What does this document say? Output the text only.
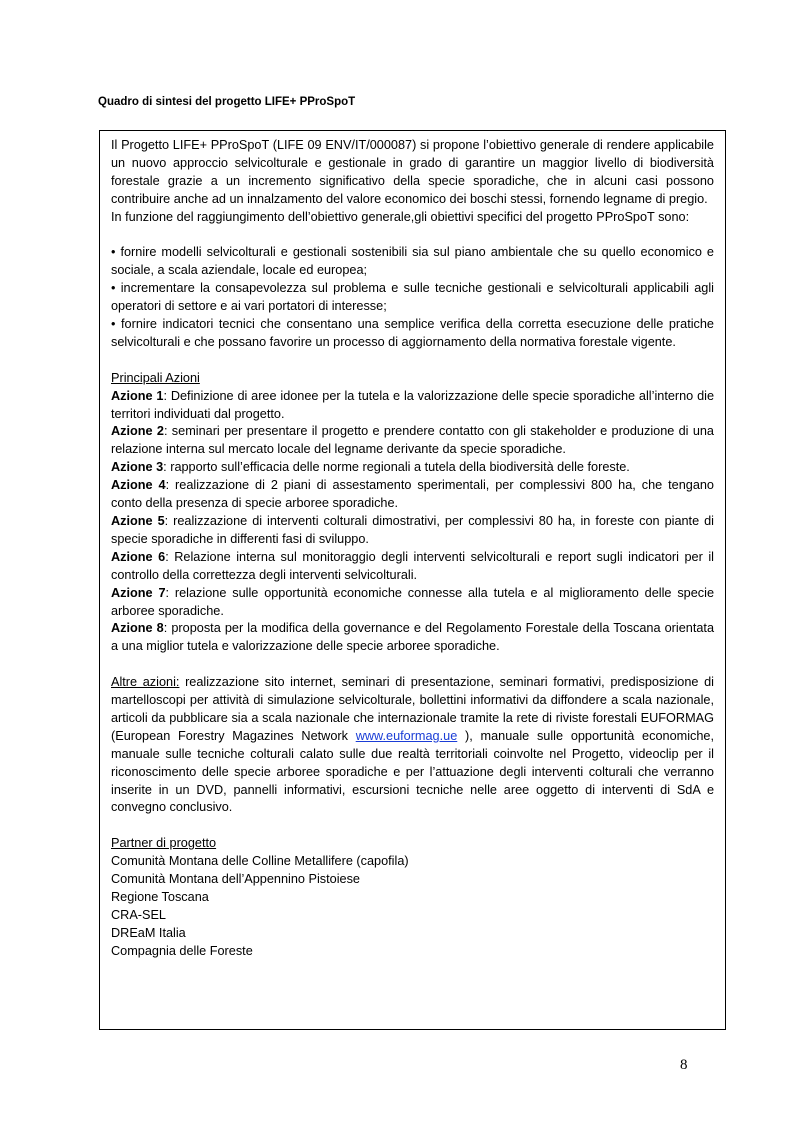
Quadro di sintesi del progetto LIFE+ PProSpoT

Il Progetto LIFE+ PProSpoT (LIFE 09 ENV/IT/000087) si propone l’obiettivo generale di rendere applicabile un nuovo approccio selvicolturale e gestionale in grado di garantire un maggior livello di biodiversità forestale grazie a un incremento significativo della specie sporadiche, che in alcuni casi possono contribuire anche ad un innalzamento del valore economico dei boschi stessi, fornendo legname di pregio.

In funzione del raggiungimento dell’obiettivo generale,gli obiettivi specifici del progetto PProSpoT sono:

• fornire modelli selvicolturali e gestionali sostenibili sia sul piano ambientale che su quello economico e sociale, a scala aziendale, locale ed europea;

• incrementare la consapevolezza sul problema e sulle tecniche gestionali e selvicolturali applicabili agli operatori di settore e ai vari portatori di interesse;

• fornire indicatori tecnici che consentano una semplice verifica della corretta esecuzione delle pratiche selvicolturali e che possano favorire un processo di aggiornamento della normativa forestale vigente.

Principali Azioni

Azione 1: Definizione di aree idonee per la tutela e la valorizzazione delle specie sporadiche all’interno die territori individuati dal progetto.

Azione 2: seminari per presentare il progetto e prendere contatto con gli stakeholder e produzione di una relazione interna sul mercato locale del legname derivante da specie sporadiche.

Azione 3: rapporto sull’efficacia delle norme regionali a tutela della biodiversità delle foreste.

Azione 4: realizzazione di 2 piani di assestamento sperimentali, per complessivi 800 ha, che tengano conto della presenza di specie arboree sporadiche.

Azione 5: realizzazione di interventi colturali dimostrativi, per complessivi 80 ha, in foreste con piante di specie sporadiche in differenti fasi di sviluppo.

Azione 6: Relazione interna sul monitoraggio degli interventi selvicolturali e report sugli indicatori per il controllo della correttezza degli interventi selvicolturali.

Azione 7: relazione sulle opportunità economiche connesse alla tutela e al miglioramento delle specie arboree sporadiche.

Azione 8: proposta per la modifica della governance e del Regolamento Forestale della Toscana orientata a una miglior tutela e valorizzazione delle specie arboree sporadiche.

Altre azioni: realizzazione sito internet, seminari di presentazione, seminari formativi, predisposizione di martelloscopi per attività di simulazione selvicolturale, bollettini informativi da diffondere a scala nazionale, articoli da pubblicare sia a scala nazionale che internazionale tramite la rete di riviste forestali EUFORMAG (European Forestry Magazines Network www.euformag.ue ), manuale sulle opportunità economiche, manuale sulle tecniche colturali calato sulle due realtà territoriali coinvolte nel Progetto, videoclip per il riconoscimento delle specie arboree sporadiche e per l’attuazione degli interventi colturali che verranno inserite in un DVD, pannelli informativi, escursioni tecniche nelle aree oggetto di interventi di SdA e convegno conclusivo.

Partner di progetto

Comunità Montana delle Colline Metallifere (capofila)

Comunità Montana dell’Appennino Pistoiese

Regione Toscana

CRA-SEL

DREaM Italia

Compagnia delle Foreste

8
